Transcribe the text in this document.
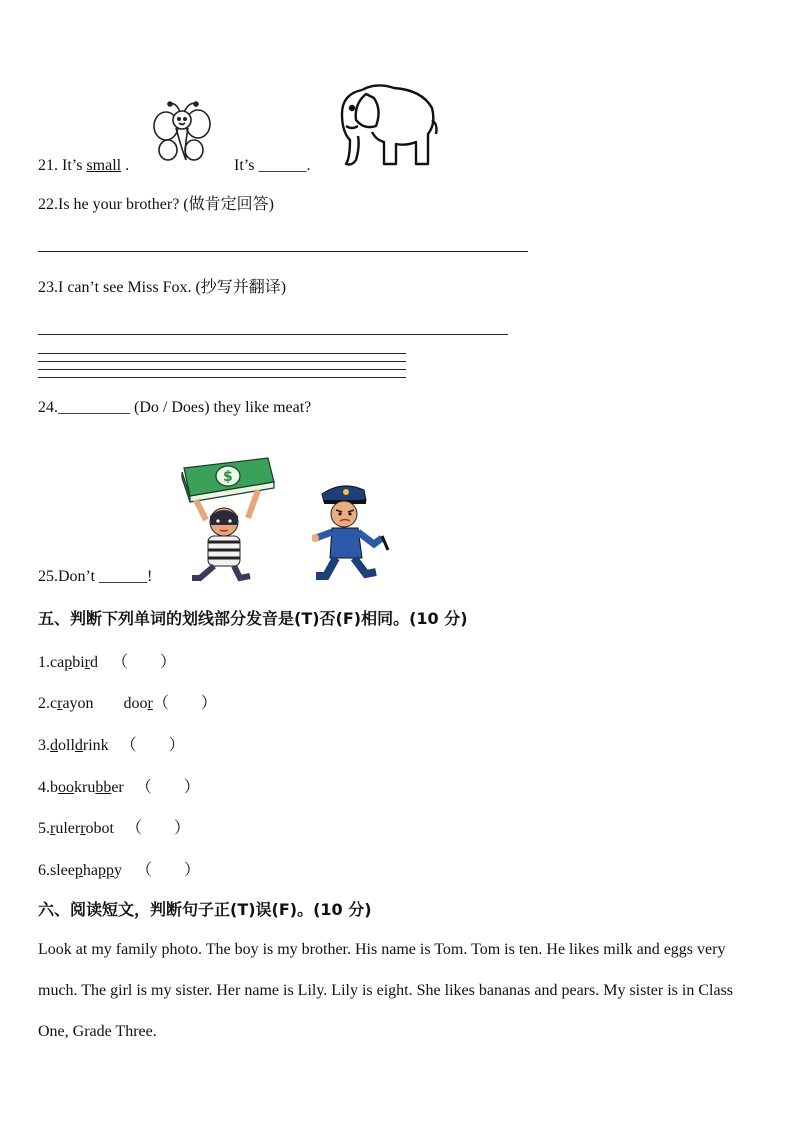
21. It’s small .	It’s ______.
22.Is he your brother? (做肯定回答)
23.I can’t see Miss Fox. (抄写并翻译)
24._________ (Do / Does) they like meat?
$
25.Don’t ______!
五、判断下列单词的划线部分发音是(T)否(F)相同。(10 分)
1.capbird （　　）
2.crayon door（　　）
3.dolldrink （　　）
4.bookrubber （　　）
5.rulerrobot （　　）
6.sleephappy （　　）
六、阅读短文，判断句子正(T)误(F)。(10 分)
Look at my family photo. The boy is my brother. His name is Tom. Tom is ten. He likes milk and eggs very much. The girl is my sister. Her name is Lily. Lily is eight. She likes bananas and pears. My sister is in Class One, Grade Three.
